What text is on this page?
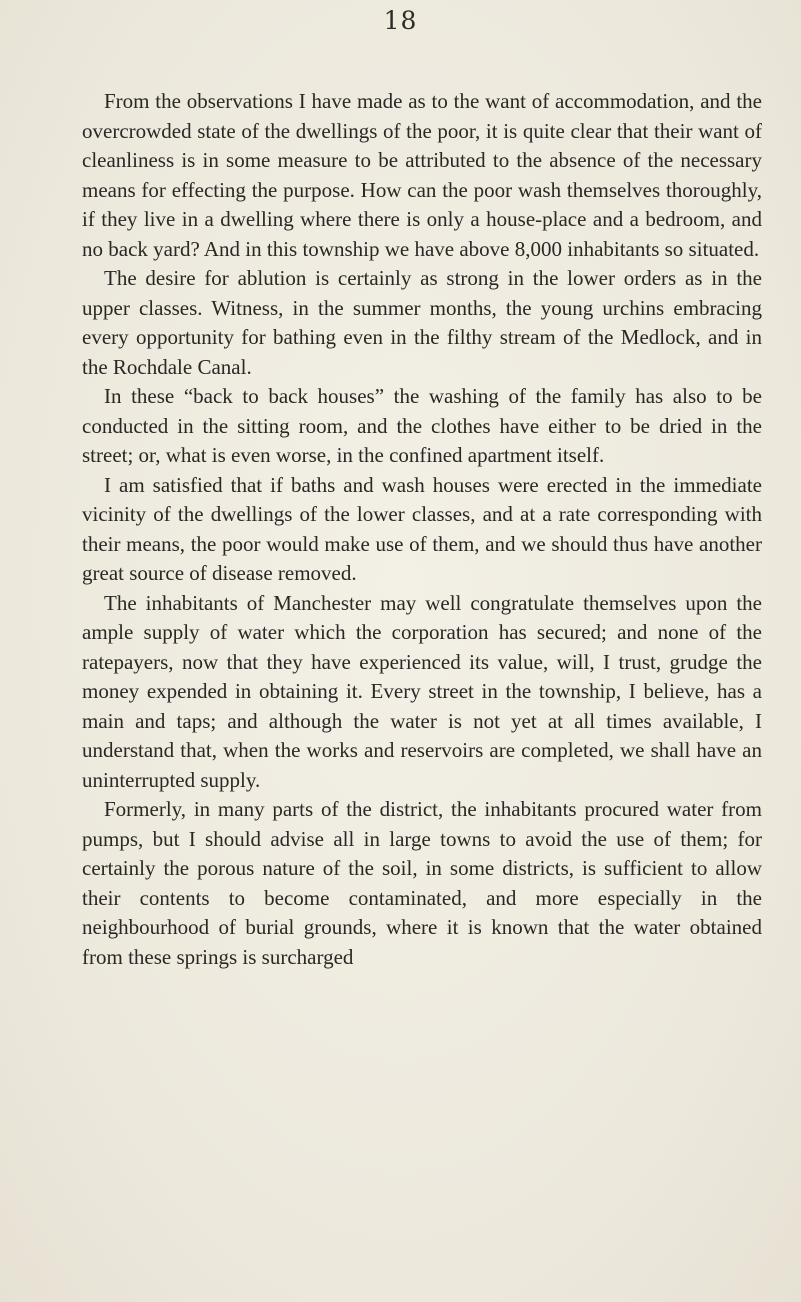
18

From the observations I have made as to the want of accommodation, and the overcrowded state of the dwellings of the poor, it is quite clear that their want of cleanliness is in some measure to be attributed to the absence of the necessary means for effecting the purpose. How can the poor wash themselves thoroughly, if they live in a dwelling where there is only a house-place and a bedroom, and no back yard? And in this township we have above 8,000 inhabitants so situated.

The desire for ablution is certainly as strong in the lower orders as in the upper classes. Witness, in the summer months, the young urchins embracing every opportunity for bathing even in the filthy stream of the Medlock, and in the Rochdale Canal.

In these “back to back houses” the washing of the family has also to be conducted in the sitting room, and the clothes have either to be dried in the street; or, what is even worse, in the confined apartment itself.

I am satisfied that if baths and wash houses were erected in the immediate vicinity of the dwellings of the lower classes, and at a rate corresponding with their means, the poor would make use of them, and we should thus have another great source of disease removed.

The inhabitants of Manchester may well congratulate themselves upon the ample supply of water which the corporation has secured; and none of the ratepayers, now that they have experienced its value, will, I trust, grudge the money expended in obtaining it. Every street in the township, I believe, has a main and taps; and although the water is not yet at all times available, I understand that, when the works and reservoirs are completed, we shall have an uninterrupted supply.

Formerly, in many parts of the district, the inhabitants procured water from pumps, but I should advise all in large towns to avoid the use of them; for certainly the porous nature of the soil, in some districts, is sufficient to allow their contents to become contaminated, and more especially in the neighbourhood of burial grounds, where it is known that the water obtained from these springs is surcharged
